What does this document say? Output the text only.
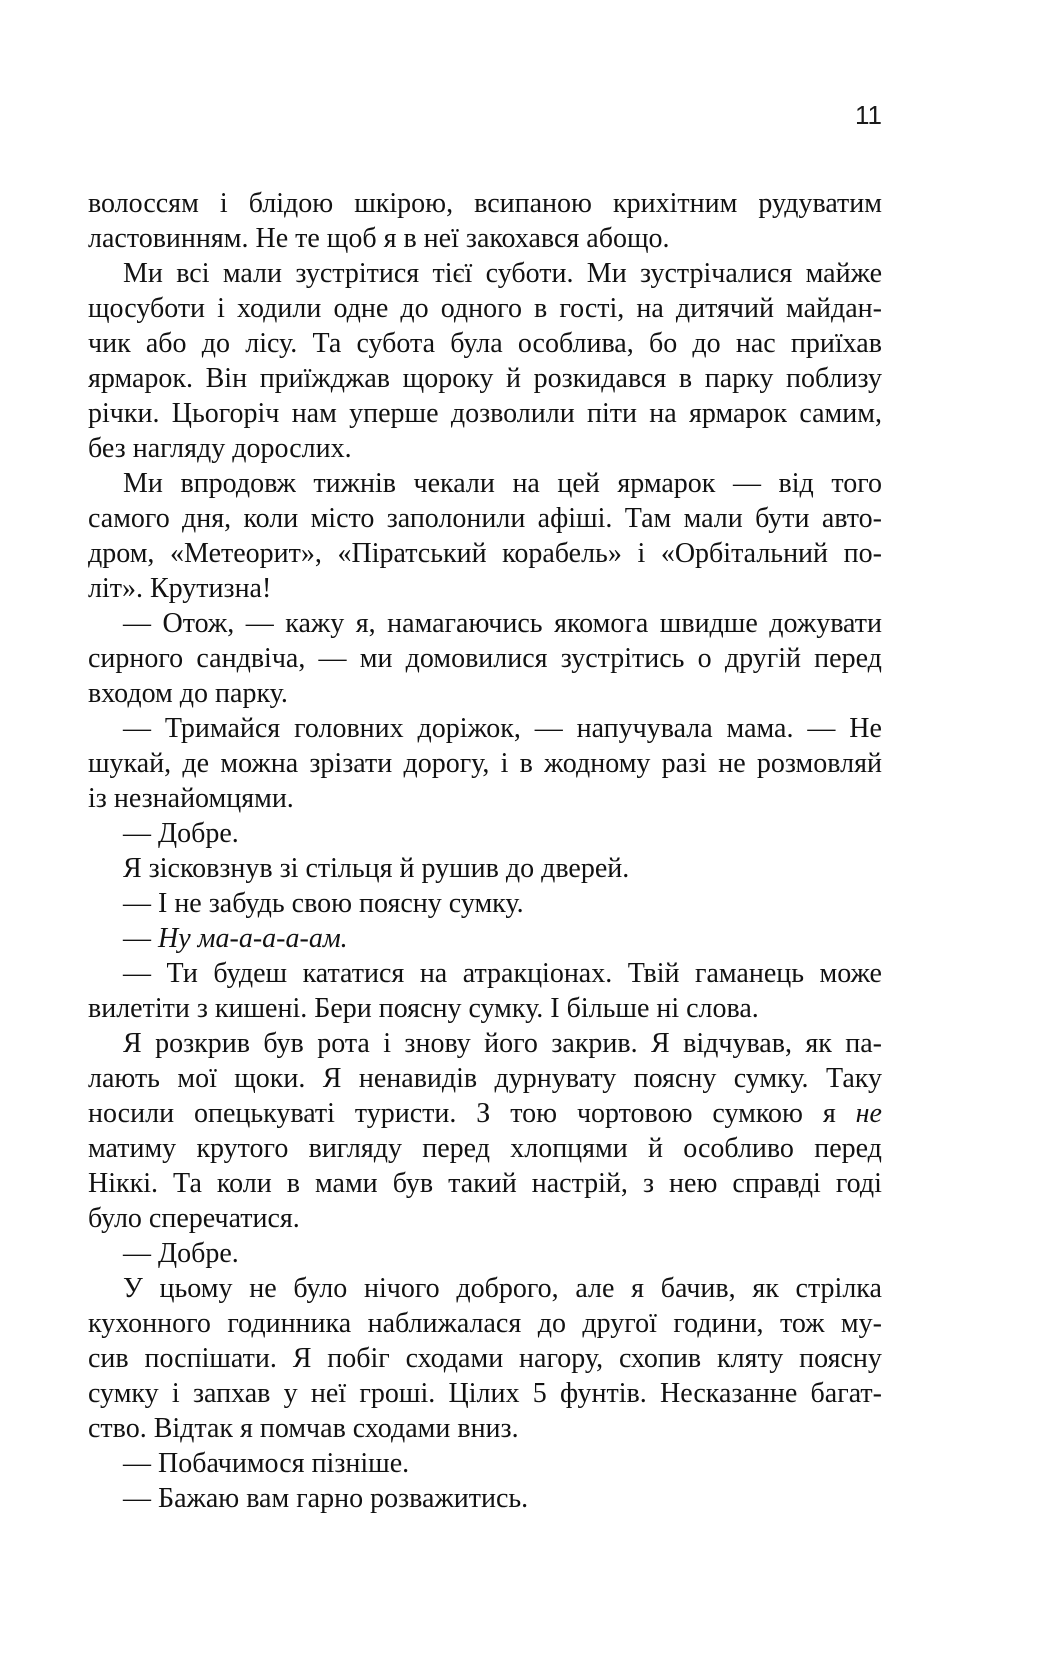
11
волоссям і блідою шкірою, всипаною крихітним рудуватим
ластовинням. Не те щоб я в неї закохався абощо.
Ми всі мали зустрітися тієї суботи. Ми зустрічалися майже
щосуботи і ходили одне до одного в гості, на дитячий майдан-
чик або до лісу. Та субота була особлива, бо до нас приїхав
ярмарок. Він приїжджав щороку й розкидався в парку поблизу
річки. Цьогоріч нам уперше дозволили піти на ярмарок самим,
без нагляду дорослих.
Ми впродовж тижнів чекали на цей ярмарок — від того
самого дня, коли місто заполонили афіші. Там мали бути авто-
дром, «Метеорит», «Піратський корабель» і «Орбітальний по-
літ». Крутизна!
— Отож, — кажу я, намагаючись якомога швидше дожувати
сирного сандвіча, — ми домовилися зустрітись о другій перед
входом до парку.
— Тримайся головних доріжок, — напучувала мама. — Не
шукай, де можна зрізати дорогу, і в жодному разі не розмовляй
із незнайомцями.
— Добре.
Я зісковзнув зі стільця й рушив до дверей.
— І не забудь свою поясну сумку.
— Ну ма-а-а-а-ам.
— Ти будеш кататися на атракціонах. Твій гаманець може
вилетіти з кишені. Бери поясну сумку. І більше ні слова.
Я розкрив був рота і знову його закрив. Я відчував, як па-
лають мої щоки. Я ненавидів дурнувату поясну сумку. Таку
носили опецькуваті туристи. З тою чортовою сумкою я не
матиму крутого вигляду перед хлопцями й особливо перед
Ніккі. Та коли в мами був такий настрій, з нею справді годі
було сперечатися.
— Добре.
У цьому не було нічого доброго, але я бачив, як стрілка
кухонного годинника наближалася до другої години, тож му-
сив поспішати. Я побіг сходами нагору, схопив кляту поясну
сумку і запхав у неї гроші. Цілих 5 фунтів. Несказанне багат-
ство. Відтак я помчав сходами вниз.
— Побачимося пізніше.
— Бажаю вам гарно розважитись.
